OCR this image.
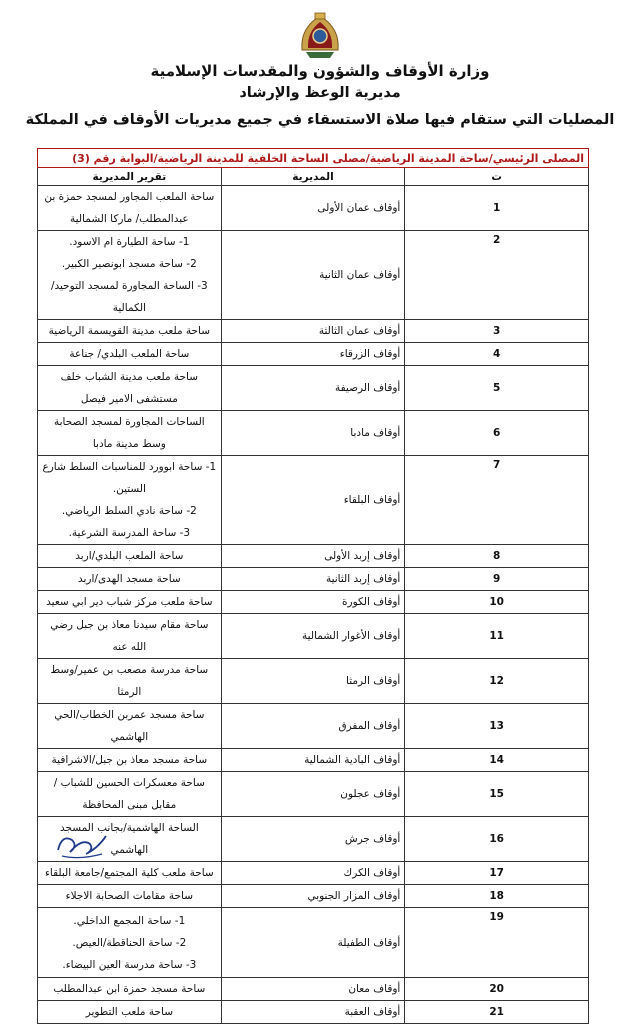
وزارة الأوقاف والشؤون والمقدسات الإسلامية
مديرية الوعظ والإرشاد
المصليات التي ستقام فيها صلاة الاستسقاء في جميع مديريات الأوقاف في المملكة
المصلى الرئيسي/ساحة المدينة الرياضية/مصلى الساحة الخلفية للمدينة الرياضية/البوابة رقم (3)		
ت	المديرية	تقرير المديرية
1	أوقاف عمان الأولى	ساحة الملعب المجاور لمسجد حمزة بن عبدالمطلب/ ماركا الشمالية

2	أوقاف عمان الثانية	1- ساحة الطيارة ام الاسود.
2- ساحة مسجد ابونصير الكبير.
3- الساحة المجاورة لمسجد التوحيد/الكمالية

3	أوقاف عمان الثالثة	ساحة ملعب مدينة القويسمة الرياضية

4	أوقاف الزرقاء	ساحة الملعب البلدي/ جناعة

5	أوقاف الرصيفة	ساحة ملعب مدينة الشباب خلف مستشفى الامير فيصل

6	أوقاف مادبا	الساحات المجاورة لمسجد الصحابة وسط مدينة مادبا

7	أوقاف البلقاء	1- ساحة ابوورد للمناسبات السلط شارع الستين.
2- ساحة نادي السلط الرياضي.
3- ساحة المدرسة الشرعية.

8	أوقاف إربد الأولى	ساحة الملعب البلدي/اربد

9	أوقاف إربد الثانية	ساحة مسجد الهدى/اربد

10	أوقاف الكورة	ساحة ملعب مركز شباب دير ابي سعيد

11	أوقاف الأغوار الشمالية	ساحة مقام سيدنا معاذ بن جبل رضي الله عنه

12	أوقاف الرمثا	ساحة مدرسة مصعب بن عمير/وسط الرمثا

13	أوقاف المفرق	ساحة مسجد عمربن الخطاب/الحي الهاشمي

14	أوقاف البادية الشمالية	ساحة مسجد معاذ بن جبل/الاشرافية

15	أوقاف عجلون	ساحة معسكرات الحسين للشباب / مقابل مبنى المحافظة

16	أوقاف جرش	الساحة الهاشمية/بجانب المسجد الهاشمي

17	أوقاف الكرك	ساحة ملعب كلية المجتمع/جامعة البلقاء

18	أوقاف المزار الجنوبي	ساحة مقامات الصحابة الاجلاء

19	أوقاف الطفيلة	1- ساحة المجمع الداخلي.
2- ساحة الحناقطة/العيص.
3- ساحة مدرسة العين البيضاء.

20	أوقاف معان	ساحة مسجد حمزة ابن عبدالمطلب

21	أوقاف العقبة	ساحة ملعب التطوير
